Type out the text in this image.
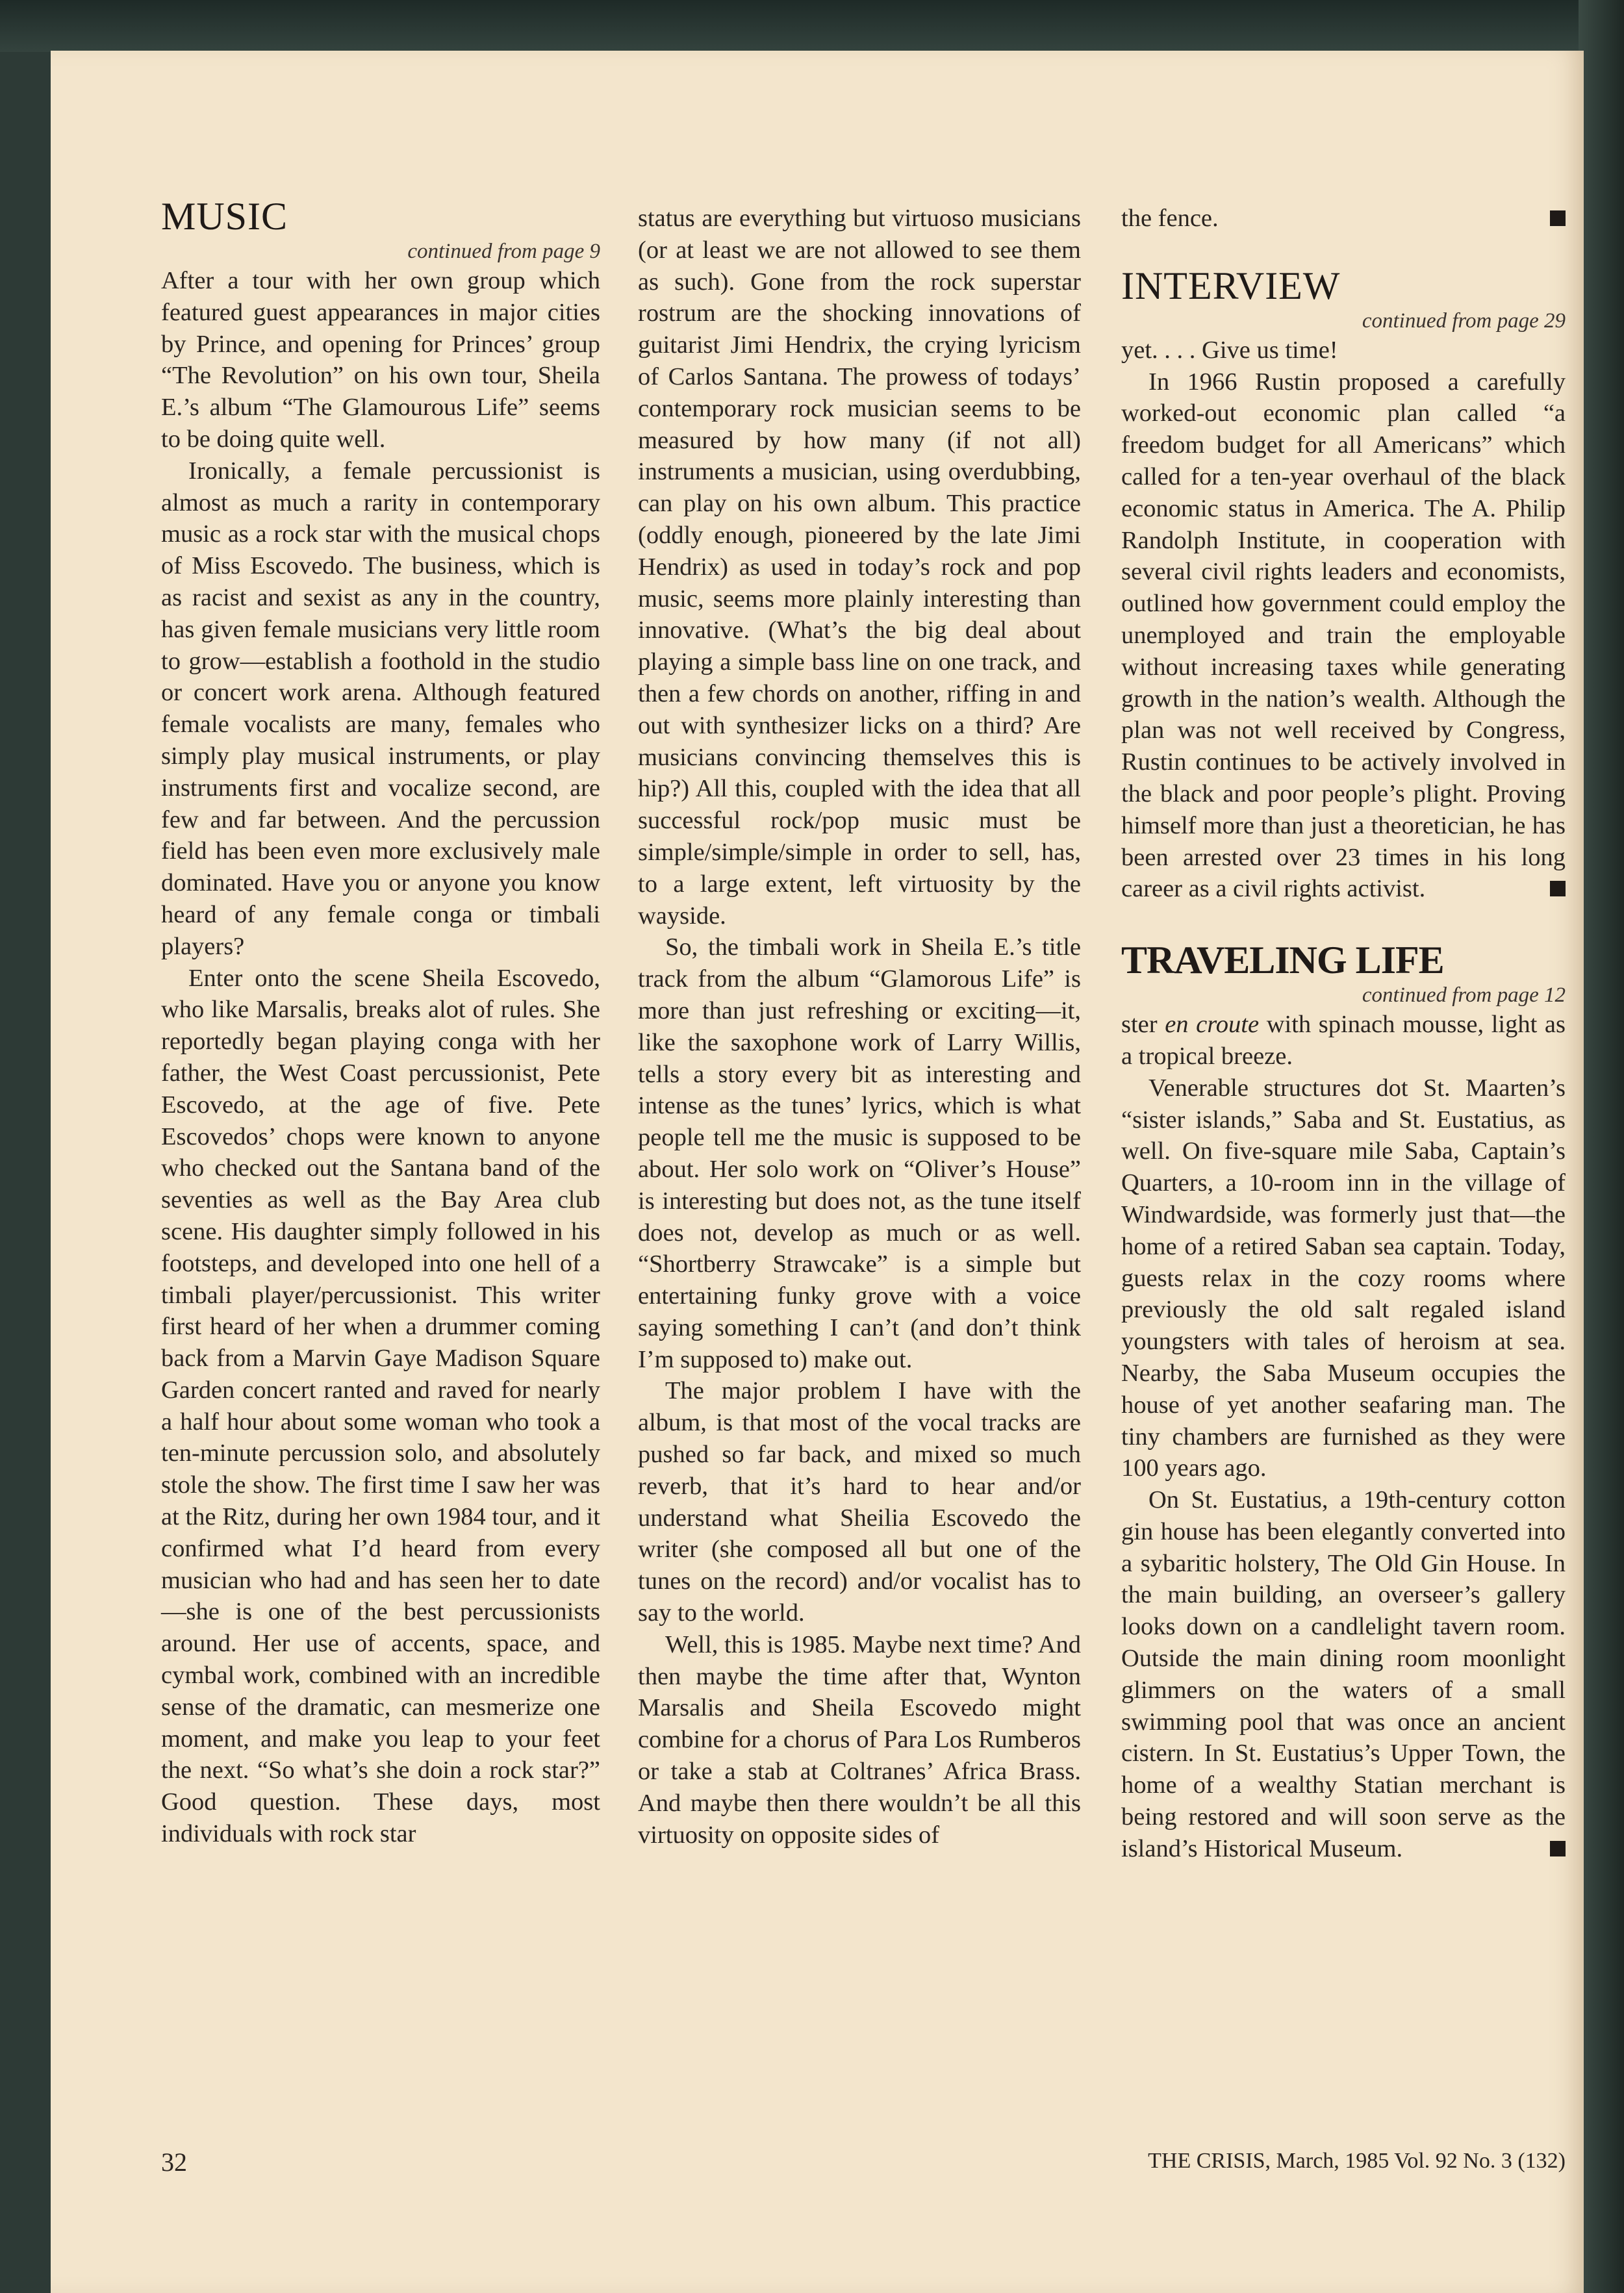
MUSIC

continued from page 9

After a tour with her own group which featured guest appearances in major cities by Prince, and opening for Princes’ group “The Revolution” on his own tour, Sheila E.’s album “The Glamourous Life” seems to be doing quite well.

Ironically, a female percussionist is almost as much a rarity in contemporary music as a rock star with the musical chops of Miss Escovedo. The business, which is as racist and sexist as any in the country, has given female musicians very little room to grow—establish a foothold in the studio or concert work arena. Although featured female vocalists are many, females who simply play musical instruments, or play instruments first and vocalize second, are few and far between. And the percussion field has been even more exclusively male dominated. Have you or anyone you know heard of any female conga or timbali players?

Enter onto the scene Sheila Escovedo, who like Marsalis, breaks alot of rules. She reportedly began playing conga with her father, the West Coast percussionist, Pete Escovedo, at the age of five. Pete Escovedos’ chops were known to anyone who checked out the Santana band of the seventies as well as the Bay Area club scene. His daughter simply followed in his footsteps, and developed into one hell of a timbali player/percussionist. This writer first heard of her when a drummer coming back from a Marvin Gaye Madison Square Garden concert ranted and raved for nearly a half hour about some woman who took a ten-minute percussion solo, and absolutely stole the show. The first time I saw her was at the Ritz, during her own 1984 tour, and it confirmed what I’d heard from every musician who had and has seen her to date—she is one of the best percussionists around. Her use of accents, space, and cymbal work, combined with an incredible sense of the dramatic, can mesmerize one moment, and make you leap to your feet the next. “So what’s she doin a rock star?” Good question. These days, most individuals with rock star

status are everything but virtuoso musicians (or at least we are not allowed to see them as such). Gone from the rock superstar rostrum are the shocking innovations of guitarist Jimi Hendrix, the crying lyricism of Carlos Santana. The prowess of todays’ contemporary rock musician seems to be measured by how many (if not all) instruments a musician, using overdubbing, can play on his own album. This practice (oddly enough, pioneered by the late Jimi Hendrix) as used in today’s rock and pop music, seems more plainly interesting than innovative. (What’s the big deal about playing a simple bass line on one track, and then a few chords on another, riffing in and out with synthesizer licks on a third? Are musicians convincing themselves this is hip?) All this, coupled with the idea that all successful rock/pop music must be simple/simple/simple in order to sell, has, to a large extent, left virtuosity by the wayside.

So, the timbali work in Sheila E.’s title track from the album “Glamorous Life” is more than just refreshing or exciting—it, like the saxophone work of Larry Willis, tells a story every bit as interesting and intense as the tunes’ lyrics, which is what people tell me the music is supposed to be about. Her solo work on “Oliver’s House” is interesting but does not, as the tune itself does not, develop as much or as well. “Shortberry Strawcake” is a simple but entertaining funky grove with a voice saying something I can’t (and don’t think I’m supposed to) make out.

The major problem I have with the album, is that most of the vocal tracks are pushed so far back, and mixed so much reverb, that it’s hard to hear and/or understand what Sheilia Escovedo the writer (she composed all but one of the tunes on the record) and/or vocalist has to say to the world.

Well, this is 1985. Maybe next time? And then maybe the time after that, Wynton Marsalis and Sheila Escovedo might combine for a chorus of Para Los Rumberos or take a stab at Coltranes’ Africa Brass. And maybe then there wouldn’t be all this virtuosity on opposite sides of

the fence.

INTERVIEW

continued from page 29

yet. . . . Give us time!

In 1966 Rustin proposed a carefully worked-out economic plan called “a freedom budget for all Americans” which called for a ten-year overhaul of the black economic status in America. The A. Philip Randolph Institute, in cooperation with several civil rights leaders and economists, outlined how government could employ the unemployed and train the employable without increasing taxes while generating growth in the nation’s wealth. Although the plan was not well received by Congress, Rustin continues to be actively involved in the black and poor people’s plight. Proving himself more than just a theoretician, he has been arrested over 23 times in his long career as a civil rights activist.

TRAVELING LIFE

continued from page 12

ster en croute with spinach mousse, light as a tropical breeze.

Venerable structures dot St. Maarten’s “sister islands,” Saba and St. Eustatius, as well. On five-square mile Saba, Captain’s Quarters, a 10-room inn in the village of Windwardside, was formerly just that—the home of a retired Saban sea captain. Today, guests relax in the cozy rooms where previously the old salt regaled island youngsters with tales of heroism at sea. Nearby, the Saba Museum occupies the house of yet another seafaring man. The tiny chambers are furnished as they were 100 years ago.

On St. Eustatius, a 19th-century cotton gin house has been elegantly converted into a sybaritic holstery, The Old Gin House. In the main building, an overseer’s gallery looks down on a candlelight tavern room. Outside the main dining room moonlight glimmers on the waters of a small swimming pool that was once an ancient cistern. In St. Eustatius’s Upper Town, the home of a wealthy Statian merchant is being restored and will soon serve as the island’s Historical Museum.

32	THE CRISIS, March, 1985 Vol. 92 No. 3 (132)
